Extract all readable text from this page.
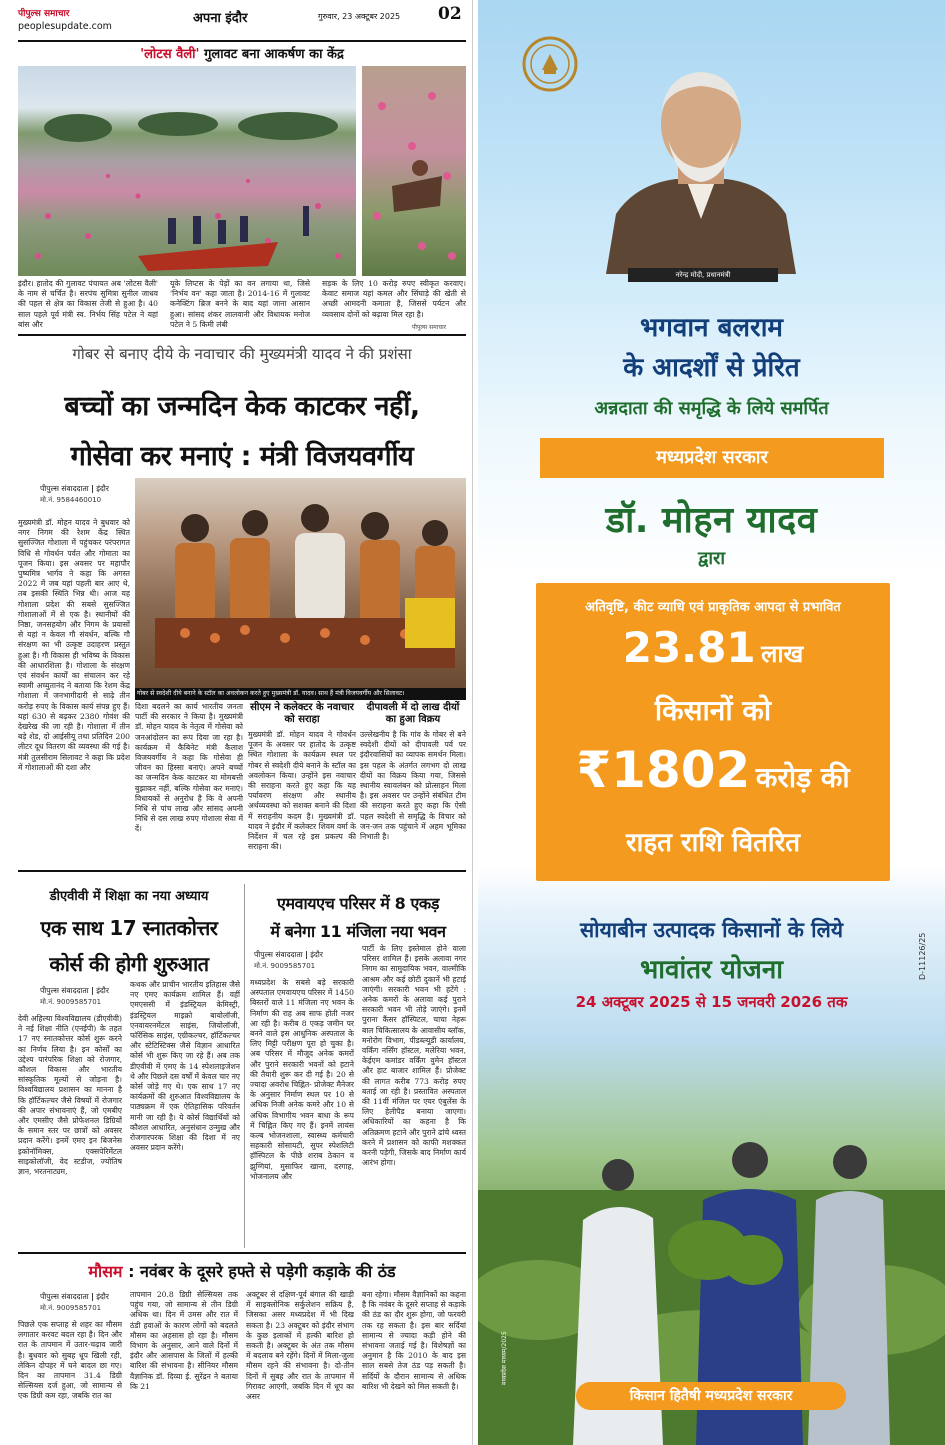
पीपुल्स समाचार
peoplesupdate.com
अपना इंदौर	गुरुवार, 23 अक्टूबर 2025 02
'लोटस वैली' गुलावट बना आकर्षण का केंद्र
इंदौर। हातोद की गुलावट पंचायत अब 'लोटस वैली' के नाम से चर्चित है। सरपंच सुमित्रा सुनील जाधव की पहल से क्षेत्र का विकास तेजी से हुआ है। 40 साल पहले पूर्व मंत्री स्व. निर्भय सिंह पटेल ने यहां बांस और
यूके लिप्टस के पेड़ों का वन लगाया था, जिसे 'निर्भय वन' कहा जाता है। 2014-16 में गुलावट कनेक्टिंग ब्रिज बनने के बाद यहां जाना आसान हुआ। सांसद शंकर लालवानी और विधायक मनोज पटेल ने 5 किमी लंबी
सड़क के लिए 10 करोड़ रुपए स्वीकृत करवाए। केवाट समाज यहां कमल और सिंघाड़े की खेती से अच्छी आमदनी कमाता है, जिससे पर्यटन और व्यवसाय दोनों को बढ़ावा मिल रहा है।
पीपुल्स समाचार
गोबर से बनाए दीये के नवाचार की मुख्यमंत्री यादव ने की प्रशंसा
बच्चों का जन्मदिन केक काटकर नहीं,
गोसेवा कर मनाएं : मंत्री विजयवर्गीय
पीपुल्स संवाददाता | इंदौर
मो.नं. 9584460010
मुख्यमंत्री डॉ. मोहन यादव ने बुधवार को नगर निगम की रेशम केंद्र स्थित सुसज्जित गोशाला में पहुंचकर परंपरागत विधि से गोवर्धन पर्वत और गोमाता का पूजन किया। इस अवसर पर महापौर पुष्यमित्र भार्गव ने कहा कि अगस्त 2022 में जब यहां पहली बार आए थे, तब इसकी स्थिति भिन्न थी। आज यह गोशाला प्रदेश की सबसे सुसज्जित गोशालाओं में से एक है। स्थानीयों की निष्ठा, जनसहयोग और निगम के प्रयासों से यहां न केवल गौ संवर्धन, बल्कि गौ संरक्षण का भी उत्कृष्ट उदाहरण प्रस्तुत हुआ है। गौ विकास ही भविष्य के विकास की आधारशिला है। गोशाला के संरक्षण एवं संवर्धन कार्यों का संचालन कर रहे स्वामी अच्युतानंद ने बताया कि रेशम केंद्र गोशाला में जनभागीदारी से साढ़े तीन करोड़ रुपए के विकास कार्य संपन्न हुए हैं। यहां 630 से बढ़कर 2380 गोवंश की देखरेख की जा रही है। गोशाला में तीन बड़े शेड, दो आईसीयू तथा प्रतिदिन 200 लीटर दूध वितरण की व्यवस्था की गई है। मंत्री तुलसीराम सिलावट ने कहा कि प्रदेश में गोशालाओं की दशा और
गोबर से स्वदेशी दीये बनाने के स्टॉल का अवलोकन करते हुए मुख्यमंत्री डॉ. यादव। साथ हैं मंत्री विजयवर्गीय और सिलावट।
दिशा बदलने का कार्य भारतीय जनता पार्टी की सरकार ने किया है। मुख्यमंत्री डॉ. मोहन यादव के नेतृत्व में गोसेवा को जनआंदोलन का रूप दिया जा रहा है। कार्यक्रम में कैबिनेट मंत्री कैलाश विजयवर्गीय ने कहा कि गोसेवा ही जीवन का हिस्सा बनाएं। अपने बच्चों का जन्मदिन केक काटकर या मोमबत्ती बुझाकर नहीं, बल्कि गोसेवा कर मनाएं। विधायकों से अनुरोध है कि वे अपनी निधि से पांच लाख और सांसद अपनी निधि से दस लाख रुपए गोशाला सेवा में दें।
सीएम ने कलेक्टर के नवाचार को सराहा
मुख्यमंत्री डॉ. मोहन यादव ने गोवर्धन पूजन के अवसर पर हातोद के उत्कृष्ट स्थित गोशाला के कार्यक्रम स्थल पर गोबर से स्वदेशी दीये बनाने के स्टॉल का अवलोकन किया। उन्होंने इस नवाचार की सराहना करते हुए कहा कि यह पर्यावरण संरक्षण और स्थानीय अर्थव्यवस्था को सशक्त बनाने की दिशा में सराहनीय कदम है। मुख्यमंत्री डॉ. यादव ने इंदौर में कलेक्टर शिवम वर्मा के निर्देशन में चल रहे इस प्रकल्प की सराहना की।
दीपावली में दो लाख दीयों का हुआ विक्रय
उल्लेखनीय है कि गांव के गोबर से बने स्वदेशी दीयों को दीपावली पर्व पर इंदौरवासियों का व्यापक समर्थन मिला। इस पहल के अंतर्गत लगभग दो लाख दीयों का विक्रय किया गया, जिससे स्थानीय स्वावलंबन को प्रोत्साहन मिला है। इस अवसर पर उन्होंने संबंधित टीम की सराहना करते हुए कहा कि ऐसी पहल स्वदेशी से समृद्धि के विचार को जन-जन तक पहुंचाने में अहम भूमिका निभाती है।
डीएवीवी में शिक्षा का नया अध्याय
एक साथ 17 स्नातकोत्तर
कोर्स की होगी शुरुआत
पीपुल्स संवाददाता | इंदौर
मो.नं. 9009585701
देवी अहिल्या विश्वविद्यालय (डीएवीवी) ने नई शिक्षा नीति (एनईपी) के तहत 17 नए स्नातकोत्तर कोर्स शुरू करने का निर्णय लिया है। इन कोर्सों का उद्देश्य पारंपरिक शिक्षा को रोजगार, कौशल विकास और भारतीय सांस्कृतिक मूल्यों से जोड़ना है। विश्वविद्यालय प्रशासन का मानना है कि हॉर्टिकल्चर जैसे विषयों में रोजगार की अपार संभावनाएं हैं, जो एमबीए और एमसीए जैसे प्रोफेशनल डिग्रियों के समान स्तर पर छात्रों को अवसर प्रदान करेंगे। इनमें एमए इन बिजनेस इकोनॉमिक्स, एक्सपेरिमेंटल साइकोलॉजी, वेद स्टडीज, ज्योतिष ज्ञान, भरतनाट्यम,
कथक और प्राचीन भारतीय इतिहास जैसे नए एमए कार्यक्रम शामिल हैं। वहीं एमएससी में इंडस्ट्रियल केमिस्ट्री, इंडस्ट्रियल माइक्रो बायोलॉजी, एनवायरनमेंटल साइंस, जियोलॉजी, फॉरेंसिक साइंस, एग्रीकल्चर, हॉर्टिकल्चर और स्टेटिस्टिक्स जैसे विज्ञान आधारित कोर्स भी शुरू किए जा रहे हैं। अब तक डीएवीवी में एमए के 14 स्पेशलाइजेशन थे और पिछले दस वर्षों में केवल चार नए कोर्स जोड़े गए थे। एक साथ 17 नए कार्यक्रमों की शुरुआत विश्वविद्यालय के पाठ्यक्रम में एक ऐतिहासिक परिवर्तन मानी जा रही है। ये कोर्स विद्यार्थियों को कौशल आधारित, अनुसंधान उन्मुख और रोजगारपरक शिक्षा की दिशा में नए अवसर प्रदान करेंगे।
एमवायएच परिसर में 8 एकड़
में बनेगा 11 मंजिला नया भवन
पीपुल्स संवाददाता | इंदौर
मो.नं. 9009585701
मध्यप्रदेश के सबसे बड़े सरकारी अस्पताल एमवायएच परिसर में 1450 बिस्तरों वाले 11 मंजिला नए भवन के निर्माण की राह अब साफ होती नजर आ रही है। करीब 8 एकड़ जमीन पर बनने वाले इस आधुनिक अस्पताल के लिए मिट्टी परीक्षण पूरा हो चुका है। अब परिसर में मौजूद अनेक कमरों और पुराने सरकारी भवनों को हटाने की तैयारी शुरू कर दी गई है। 20 से ज्यादा अवरोध चिह्नित- प्रोजेक्ट मैनेजर के अनुसार निर्माण स्थल पर 10 से अधिक निजी अनेक कमरे और 10 से अधिक विभागीय भवन बाधा के रूप में चिह्नित किए गए हैं। इनमें लायंस कल्ब भोजनशाला, स्वास्थ्य कर्मचारी सहकारी सोसायटी, सुपर स्पेशलिटी हॉस्पिटल के पीछे शराब ठेकान व झुग्गियां, मुसाफिर खाना, दरगाह, भोजनालय और
पार्टी के लिए इस्तेमाल होने वाला परिसर शामिल हैं। इसके अलावा नगर निगम का सामुदायिक भवन, वाल्मीकि आश्रम और कई छोटी दुकानें भी हटाई जाएंगी। सरकारी भवन भी हटेंगे : अनेक कमरों के अलावा कई पुराने सरकारी भवन भी तोड़े जाएंगे। इनमें पुराना कैंसर हॉस्पिटल, चाचा नेहरू बाल चिकित्सालय के आवासीय ब्लॉक, मनोरोग विभाग, पीडब्ल्यूडी कार्यालय, वर्किंग नर्सिंग हॉस्टल, मलेरिया भवन, केईएम कमांडर वर्किंग वुमेन हॉस्टल और हाट बाजार शामिल हैं। प्रोजेक्ट की लागत करीब 773 करोड़ रुपए बताई जा रही है। प्रस्तावित अस्पताल की 11वीं मंजिल पर एयर एंबुलेंस के लिए हेलीपैड बनाया जाएगा। अधिकारियों का कहना है कि अतिक्रमण हटाने और पुराने ढांचे ध्वस्त करने में प्रशासन को काफी मशक्कत करनी पड़ेगी, जिसके बाद निर्माण कार्य आरंभ होगा।
मौसम : नवंबर के दूसरे हफ्ते से पड़ेगी कड़ाके की ठंड
पीपुल्स संवाददाता | इंदौर
मो.नं. 9009585701
पिछले एक सप्ताह से शहर का मौसम लगातार करवट बदल रहा है। दिन और रात के तापमान में उतार-चढ़ाव जारी है। बुधवार को सुबह धूप खिली रही, लेकिन दोपहर में घने बादल छा गए। दिन का तापमान 31.4 डिग्री सेल्सियस दर्ज हुआ, जो सामान्य से एक डिग्री कम रहा, जबकि रात का
तापमान 20.8 डिग्री सेल्सियस तक पहुंच गया, जो सामान्य से तीन डिग्री अधिक था। दिन में उमस और रात में ठंडी हवाओं के कारण लोगों को बदलते मौसम का अहसास हो रहा है। मौसम विभाग के अनुसार, आने वाले दिनों में इंदौर और आसपास के जिलों में हल्की बारिश की संभावना है। सीनियर मौसम वैज्ञानिक डॉ. दिव्या ई. सुरेंद्रन ने बताया कि 21
अक्टूबर से दक्षिण-पूर्व बंगाल की खाड़ी में साइक्लोनिक सर्कुलेशन सक्रिय है, जिसका असर मध्यप्रदेश में भी दिख सकता है। 23 अक्टूबर को इंदौर संभाग के कुछ इलाकों में हल्की बारिश हो सकती है। अक्टूबर के अंत तक मौसम में बदलाव बने रहेंगे। दिनों में मिला-जुला मौसम रहने की संभावना है। दो-तीन दिनों में सुबह और रात के तापमान में गिरावट आएगी, जबकि दिन में धूप का असर
बना रहेगा। मौसम वैज्ञानिकों का कहना है कि नवंबर के दूसरे सप्ताह से कड़ाके की ठंड का दौर शुरू होगा, जो फरवरी तक रह सकता है। इस बार सर्दियां सामान्य से ज्यादा कड़ी होने की संभावना जताई गई है। विशेषज्ञों का अनुमान है कि 2010 के बाद इस साल सबसे तेज ठंड पड़ सकती है। सर्दियों के दौरान सामान्य से अधिक बारिश भी देखने को मिल सकती है।
नरेन्द्र मोदी, प्रधानमंत्री
भगवान बलराम
के आदर्शों से प्रेरित
अन्नदाता की समृद्धि के लिये समर्पित
मध्यप्रदेश सरकार
डॉ. मोहन यादव
द्वारा
अतिवृष्टि, कीट व्याधि एवं प्राकृतिक आपदा से प्रभावित
23.81 लाख
किसानों को
₹1802 करोड़ की
राहत राशि वितरित
सोयाबीन उत्पादक किसानों के लिये
भावांतर योजना
24 अक्टूबर 2025 से 15 जनवरी 2026 तक
D-11126/25
मध्यप्रदेश माध्यम/2025
किसान हितैषी मध्यप्रदेश सरकार
